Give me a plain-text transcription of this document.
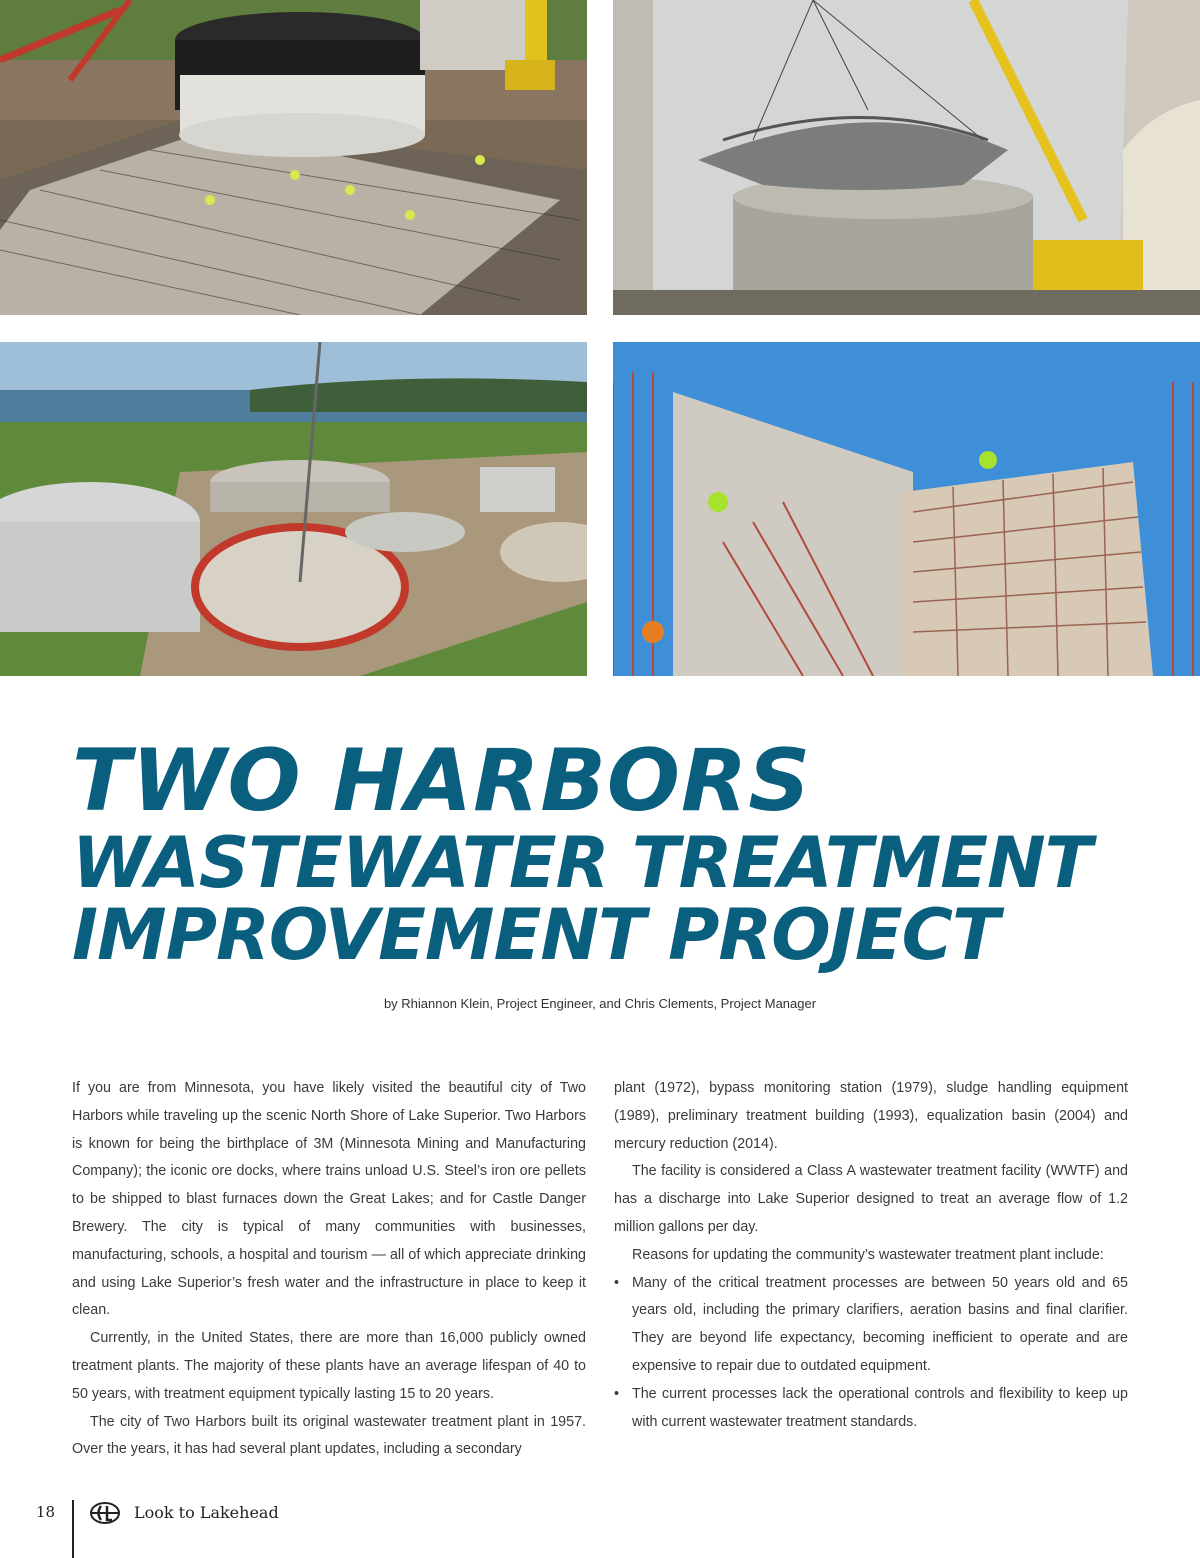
TWO HARBORS
WASTEWATER TREATMENT
IMPROVEMENT PROJECT
by Rhiannon Klein, Project Engineer, and Chris Clements, Project Manager

If you are from Minnesota, you have likely visited the beautiful city of Two Harbors while traveling up the scenic North Shore of Lake Superior. Two Harbors is known for being the birthplace of 3M (Minnesota Mining and Manufacturing Company); the iconic ore docks, where trains unload U.S. Steel’s iron ore pellets to be shipped to blast furnaces down the Great Lakes; and for Castle Danger Brewery. The city is typical of many communities with businesses, manufacturing, schools, a hospital and tourism — all of which appreciate drinking and using Lake Superior’s fresh water and the infrastructure in place to keep it clean.

Currently, in the United States, there are more than 16,000 publicly owned treatment plants. The majority of these plants have an average lifespan of 40 to 50 years, with treatment equipment typically lasting 15 to 20 years.

The city of Two Harbors built its original wastewater treatment plant in 1957. Over the years, it has had several plant updates, including a secondary

plant (1972), bypass monitoring station (1979), sludge handling equipment (1989), preliminary treatment building (1993), equalization basin (2004) and mercury reduction (2014).

The facility is considered a Class A wastewater treatment facility (WWTF) and has a discharge into Lake Superior designed to treat an average flow of 1.2 million gallons per day.

Reasons for updating the community’s wastewater treatment plant include:

• Many of the critical treatment processes are between 50 years old and 65 years old, including the primary clarifiers, aeration basins and final clarifier. They are beyond life expectancy, becoming inefficient to operate and are expensive to repair due to outdated equipment.
• The current processes lack the operational controls and flexibility to keep up with current wastewater treatment standards.
18	Look to Lakehead
